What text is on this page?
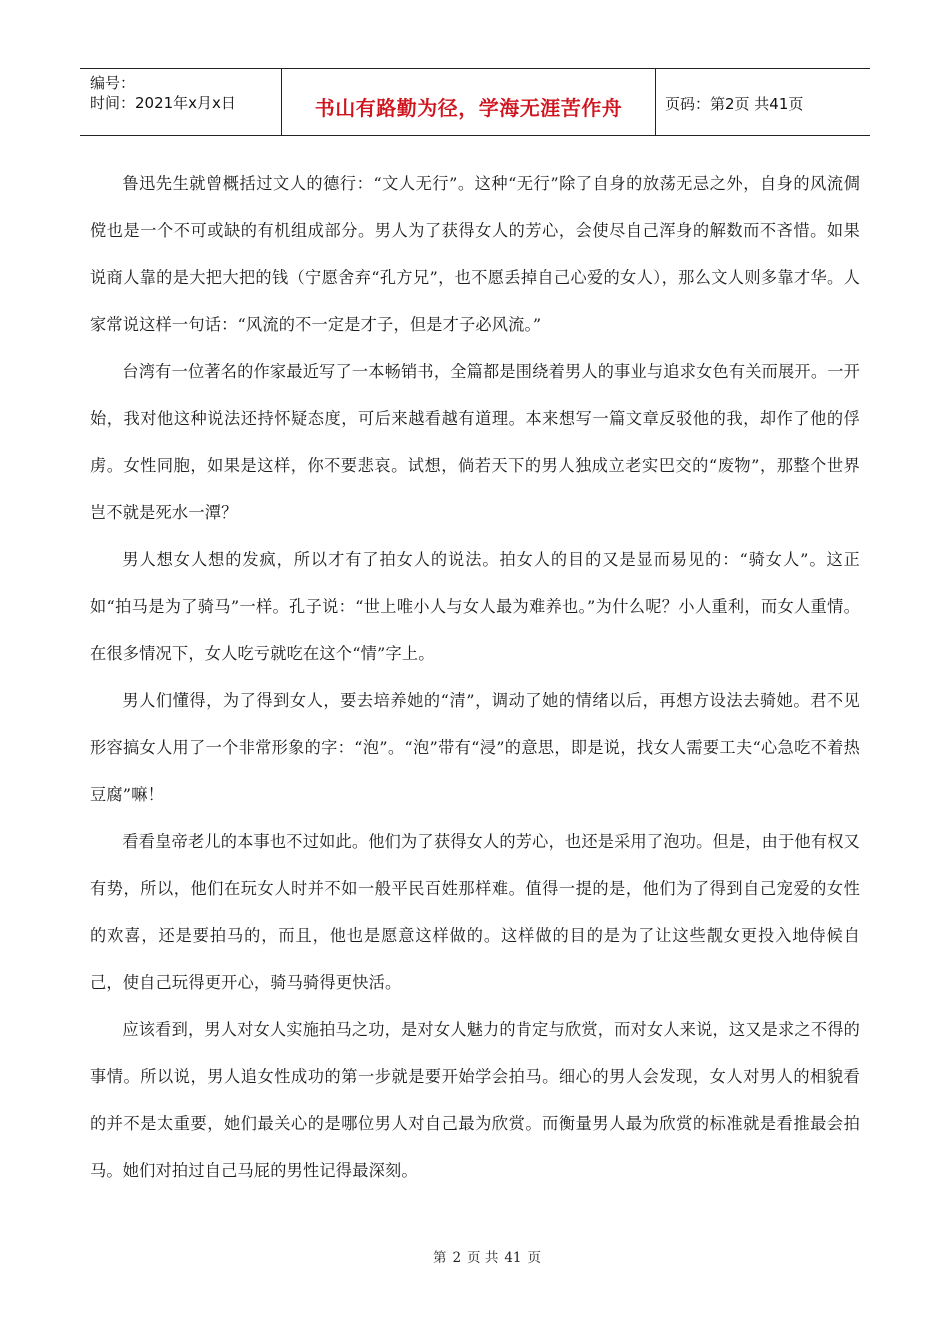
编号：
时间：2021年x月x日	书山有路勤为径，学海无涯苦作舟	页码：第2页 共41页

鲁迅先生就曾概括过文人的德行：“文人无行”。这种“无行”除了自身的放荡无忌之外，自身的风流倜傥也是一个不可或缺的有机组成部分。男人为了获得女人的芳心，会使尽自己浑身的解数而不吝惜。如果说商人靠的是大把大把的钱（宁愿舍弃“孔方兄”，也不愿丢掉自己心爱的女人），那么文人则多靠才华。人家常说这样一句话：“风流的不一定是才子，但是才子必风流。”

台湾有一位著名的作家最近写了一本畅销书，全篇都是围绕着男人的事业与追求女色有关而展开。一开始，我对他这种说法还持怀疑态度，可后来越看越有道理。本来想写一篇文章反驳他的我，却作了他的俘虏。女性同胞，如果是这样，你不要悲哀。试想，倘若天下的男人独成立老实巴交的“废物”，那整个世界岂不就是死水一潭？

男人想女人想的发疯，所以才有了拍女人的说法。拍女人的目的又是显而易见的：“骑女人”。这正如“拍马是为了骑马”一样。孔子说：“世上唯小人与女人最为难养也。”为什么呢？小人重利，而女人重情。在很多情况下，女人吃亏就吃在这个“情”字上。

男人们懂得，为了得到女人，要去培养她的“清”，调动了她的情绪以后，再想方设法去骑她。君不见形容搞女人用了一个非常形象的字：“泡”。“泡”带有“浸”的意思，即是说，找女人需要工夫“心急吃不着热豆腐”嘛！

看看皇帝老儿的本事也不过如此。他们为了获得女人的芳心，也还是采用了泡功。但是，由于他有权又有势，所以，他们在玩女人时并不如一般平民百姓那样难。值得一提的是，他们为了得到自己宠爱的女性的欢喜，还是要拍马的，而且，他也是愿意这样做的。这样做的目的是为了让这些靓女更投入地侍候自己，使自己玩得更开心，骑马骑得更快活。

应该看到，男人对女人实施拍马之功，是对女人魅力的肯定与欣赏，而对女人来说，这又是求之不得的事情。所以说，男人追女性成功的第一步就是要开始学会拍马。细心的男人会发现，女人对男人的相貌看的并不是太重要，她们最关心的是哪位男人对自己最为欣赏。而衡量男人最为欣赏的标准就是看推最会拍马。她们对拍过自己马屁的男性记得最深刻。

第 2 页 共 41 页
